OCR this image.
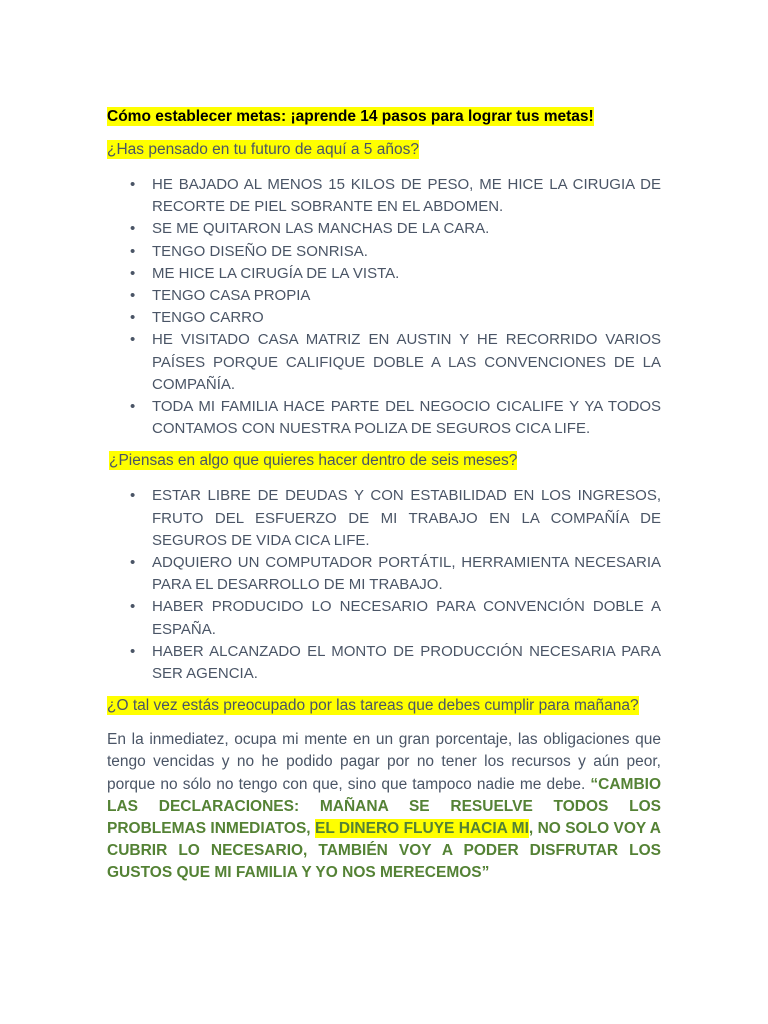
Cómo establecer metas: ¡aprende 14 pasos para lograr tus metas!

¿Has pensado en tu futuro de aquí a 5 años?

• HE BAJADO AL MENOS 15 KILOS DE PESO, ME HICE LA CIRUGIA DE RECORTE DE PIEL SOBRANTE EN EL ABDOMEN.
• SE ME QUITARON LAS MANCHAS DE LA CARA.
• TENGO DISEÑO DE SONRISA.
• ME HICE LA CIRUGÍA DE LA VISTA.
• TENGO CASA PROPIA
• TENGO CARRO
• HE VISITADO CASA MATRIZ EN AUSTIN Y HE RECORRIDO VARIOS PAÍSES PORQUE CALIFIQUE DOBLE A LAS CONVENCIONES DE LA COMPAÑÍA.
• TODA MI FAMILIA HACE PARTE DEL NEGOCIO CICALIFE Y YA TODOS CONTAMOS CON NUESTRA POLIZA DE SEGUROS CICA LIFE.

¿Piensas en algo que quieres hacer dentro de seis meses?

• ESTAR LIBRE DE DEUDAS Y CON ESTABILIDAD EN LOS INGRESOS, FRUTO DEL ESFUERZO DE MI TRABAJO EN LA COMPAÑÍA DE SEGUROS DE VIDA CICA LIFE.
• ADQUIERO UN COMPUTADOR PORTÁTIL, HERRAMIENTA NECESARIA PARA EL DESARROLLO DE MI TRABAJO.
• HABER PRODUCIDO LO NECESARIO PARA CONVENCIÓN DOBLE A ESPAÑA.
• HABER ALCANZADO EL MONTO DE PRODUCCIÓN NECESARIA PARA SER AGENCIA.

¿O tal vez estás preocupado por las tareas que debes cumplir para mañana?

En la inmediatez, ocupa mi mente en un gran porcentaje, las obligaciones que tengo vencidas y no he podido pagar por no tener los recursos y aún peor, porque no sólo no tengo con que, sino que tampoco nadie me debe. “CAMBIO LAS DECLARACIONES: MAÑANA SE RESUELVE TODOS LOS PROBLEMAS INMEDIATOS, EL DINERO FLUYE HACIA MI, NO SOLO VOY A CUBRIR LO NECESARIO, TAMBIÉN VOY A PODER DISFRUTAR LOS GUSTOS QUE MI FAMILIA Y YO NOS MERECEMOS”
